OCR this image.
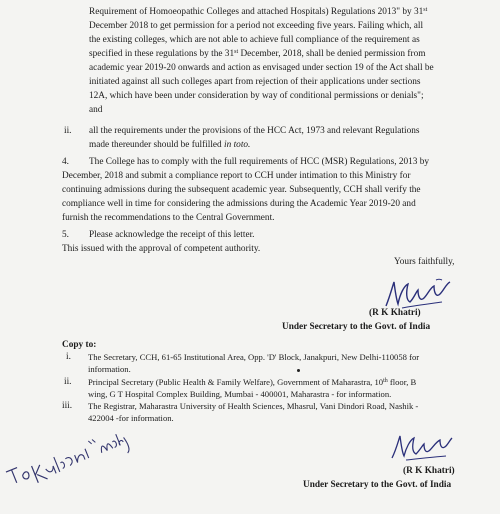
Requirement of Homoeopathic Colleges and attached Hospitals) Regulations 2013" by 31st
December 2018 to get permission for a period not exceeding five years. Failing which, all
the existing colleges, which are not able to achieve full compliance of the requirement as
specified in these regulations by the 31st December, 2018, shall be denied permission from
academic year 2019-20 onwards and action as envisaged under section 19 of the Act shall be
initiated against all such colleges apart from rejection of their applications under sections
12A, which have been under consideration by way of conditional permissions or denials";
and
ii. all the requirements under the provisions of the HCC Act, 1973 and relevant Regulations
made thereunder should be fulfilled in toto.
4. The College has to comply with the full requirements of HCC (MSR) Regulations, 2013 by
December, 2018 and submit a compliance report to CCH under intimation to this Ministry for
continuing admissions during the subsequent academic year. Subsequently, CCH shall verify the
compliance well in time for considering the admissions during the Academic Year 2019-20 and
furnish the recommendations to the Central Government.
5. Please acknowledge the receipt of this letter.
This issued with the approval of competent authority.
Yours faithfully,
(R K Khatri)
Under Secretary to the Govt. of India
Copy to:
i. The Secretary, CCH, 61-65 Institutional Area, Opp. 'D' Block, Janakpuri, New Delhi-110058 for
information.
ii. Principal Secretary (Public Health & Family Welfare), Government of Maharastra, 10th floor, B
wing, G T Hospital Complex Building, Mumbai - 400001, Maharastra - for information.
iii. The Registrar, Maharastra University of Health Sciences, Mhasrul, Vani Dindori Road, Nashik -
422004 -for information.
(R K Khatri)
Under Secretary to the Govt. of India
